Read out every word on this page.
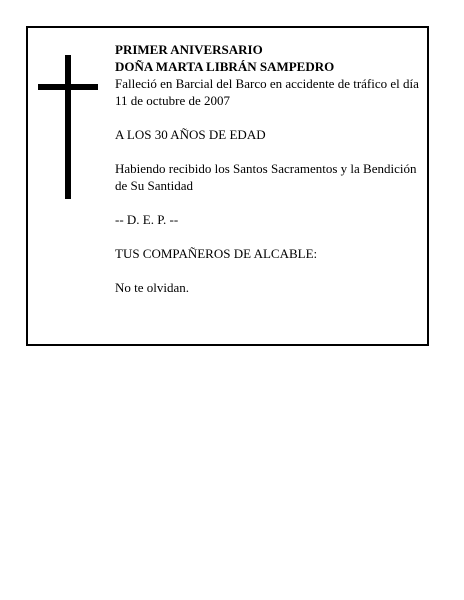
PRIMER ANIVERSARIO

DOÑA MARTA LIBRÁN SAMPEDRO

Falleció en Barcial del Barco en accidente de tráfico el día 11 de octubre de 2007

A LOS 30 AÑOS DE EDAD

Habiendo recibido los Santos Sacramentos y la Bendición de Su Santidad

-- D. E. P. --

TUS COMPAÑEROS DE ALCABLE:

No te olvidan.
